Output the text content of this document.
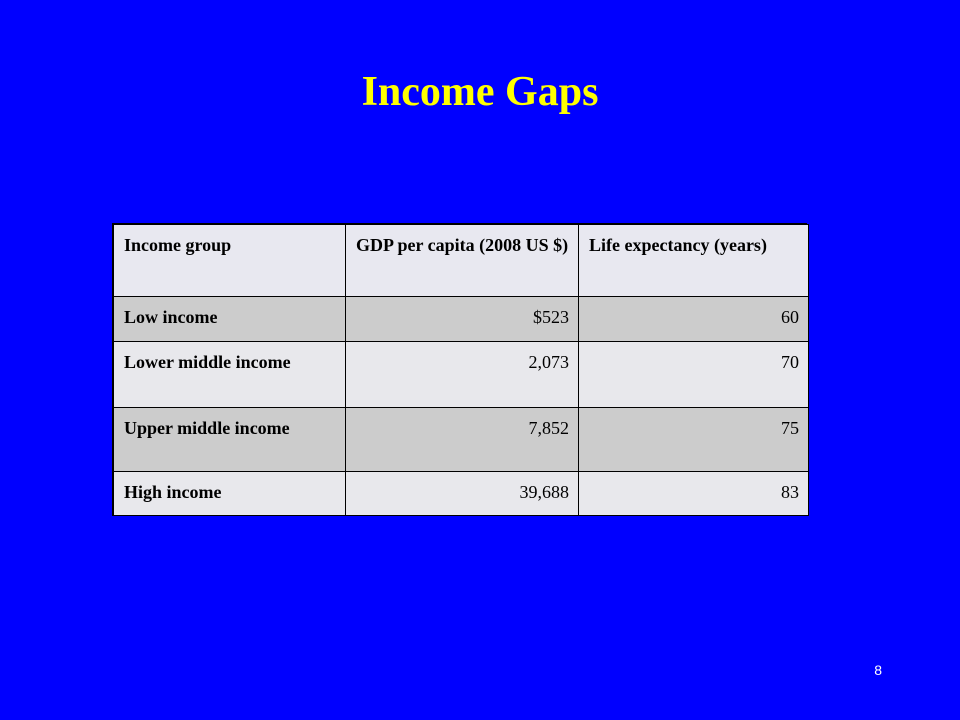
Income Gaps
Income group	GDP per capita (2008 US $)	Life expectancy (years)
Low income	$523	60
Lower middle income	2,073	70
Upper middle income	7,852	75
High income	39,688	83
8
